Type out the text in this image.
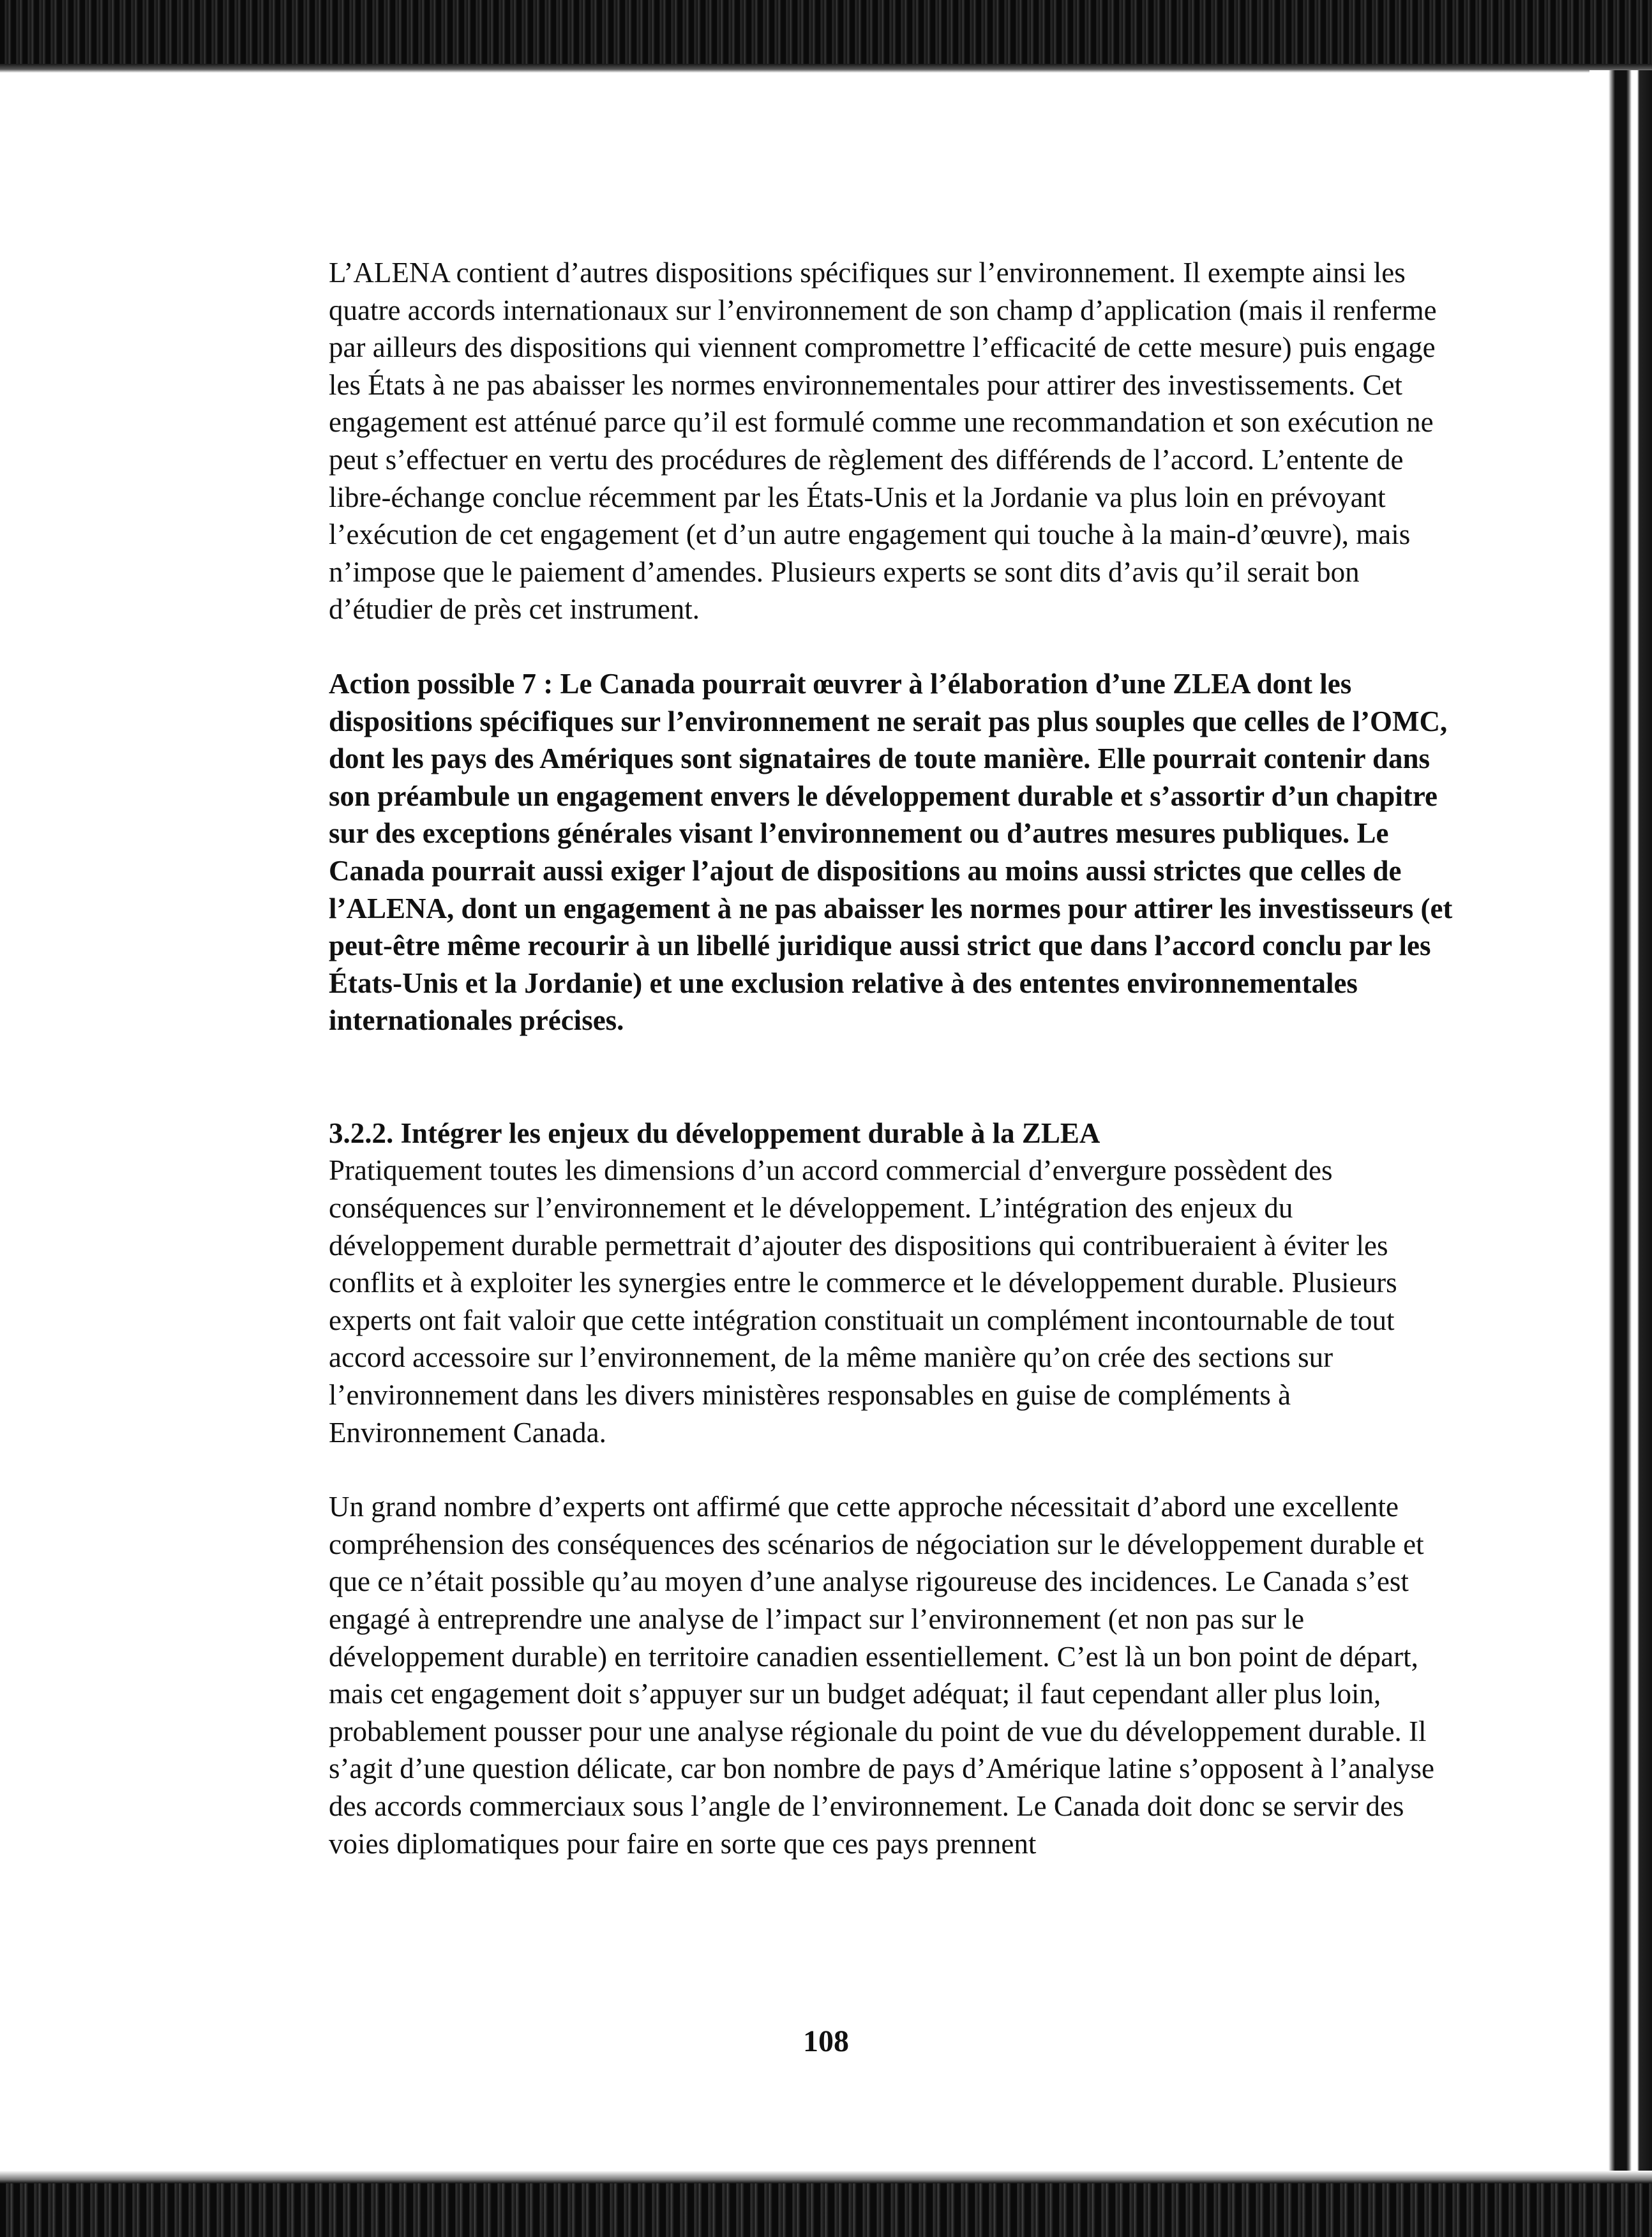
L’ALENA contient d’autres dispositions spécifiques sur l’environnement. Il exempte ainsi les quatre accords internationaux sur l’environnement de son champ d’application (mais il renferme par ailleurs des dispositions qui viennent compromettre l’efficacité de cette mesure) puis engage les États à ne pas abaisser les normes environnementales pour attirer des investissements. Cet engagement est atténué parce qu’il est formulé comme une recommandation et son exécution ne peut s’effectuer en vertu des procédures de règlement des différends de l’accord. L’entente de libre-échange conclue récemment par les États-Unis et la Jordanie va plus loin en prévoyant l’exécution de cet engagement (et d’un autre engagement qui touche à la main-d’œuvre), mais n’impose que le paiement d’amendes. Plusieurs experts se sont dits d’avis qu’il serait bon d’étudier de près cet instrument.

Action possible 7 : Le Canada pourrait œuvrer à l’élaboration d’une ZLEA dont les dispositions spécifiques sur l’environnement ne serait pas plus souples que celles de l’OMC, dont les pays des Amériques sont signataires de toute manière. Elle pourrait contenir dans son préambule un engagement envers le développement durable et s’assortir d’un chapitre sur des exceptions générales visant l’environnement ou d’autres mesures publiques. Le Canada pourrait aussi exiger l’ajout de dispositions au moins aussi strictes que celles de l’ALENA, dont un engagement à ne pas abaisser les normes pour attirer les investisseurs (et peut-être même recourir à un libellé juridique aussi strict que dans l’accord conclu par les États-Unis et la Jordanie) et une exclusion relative à des ententes environnementales internationales précises.

3.2.2. Intégrer les enjeux du développement durable à la ZLEA

Pratiquement toutes les dimensions d’un accord commercial d’envergure possèdent des conséquences sur l’environnement et le développement. L’intégration des enjeux du développement durable permettrait d’ajouter des dispositions qui contribueraient à éviter les conflits et à exploiter les synergies entre le commerce et le développement durable. Plusieurs experts ont fait valoir que cette intégration constituait un complément incontournable de tout accord accessoire sur l’environnement, de la même manière qu’on crée des sections sur l’environnement dans les divers ministères responsables en guise de compléments à Environnement Canada.

Un grand nombre d’experts ont affirmé que cette approche nécessitait d’abord une excellente compréhension des conséquences des scénarios de négociation sur le développement durable et que ce n’était possible qu’au moyen d’une analyse rigoureuse des incidences. Le Canada s’est engagé à entreprendre une analyse de l’impact sur l’environnement (et non pas sur le développement durable) en territoire canadien essentiellement. C’est là un bon point de départ, mais cet engagement doit s’appuyer sur un budget adéquat; il faut cependant aller plus loin, probablement pousser pour une analyse régionale du point de vue du développement durable. Il s’agit d’une question délicate, car bon nombre de pays d’Amérique latine s’opposent à l’analyse des accords commerciaux sous l’angle de l’environnement. Le Canada doit donc se servir des voies diplomatiques pour faire en sorte que ces pays prennent

108
